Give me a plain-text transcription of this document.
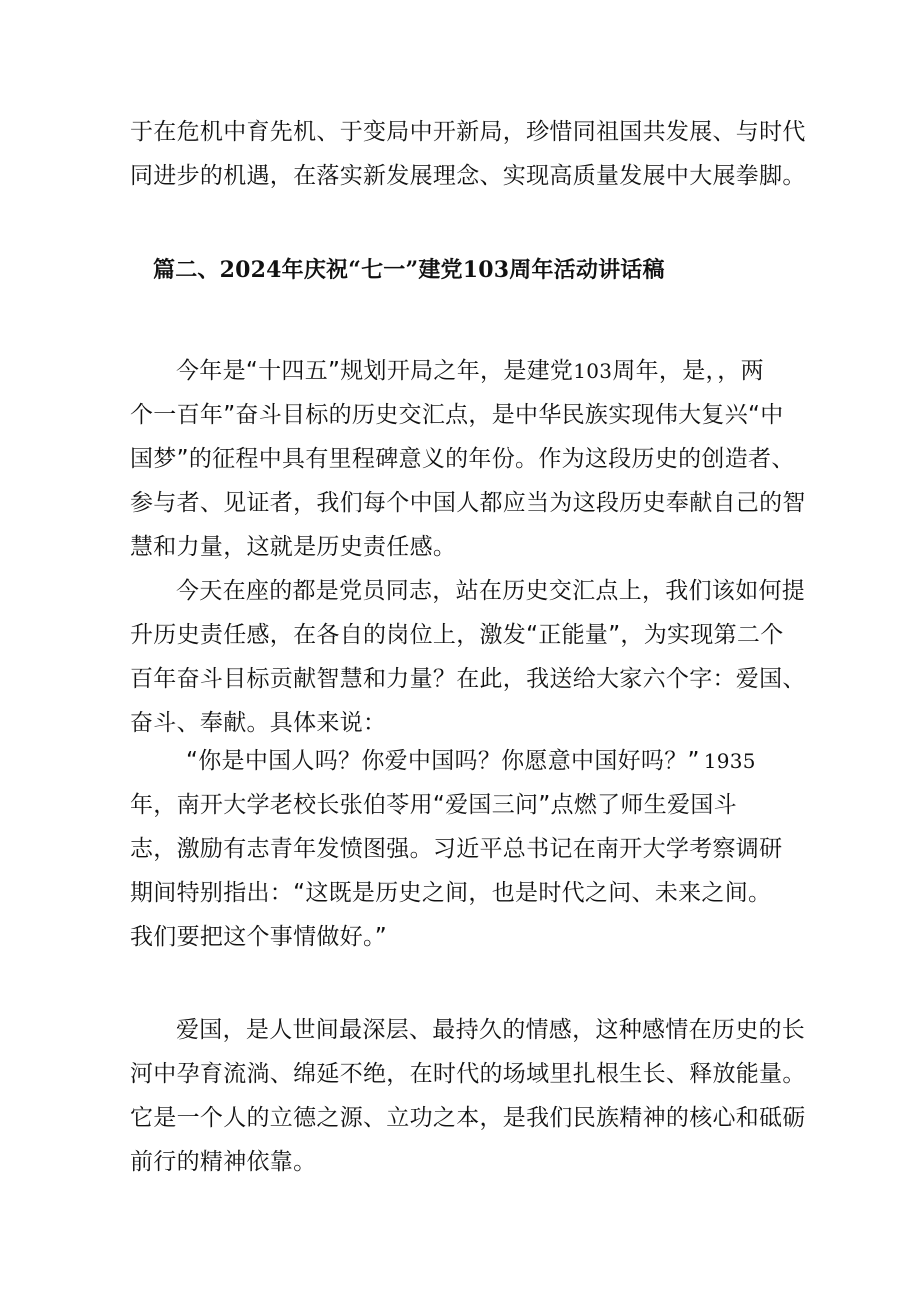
于在危机中育先机、于变局中开新局，珍惜同祖国共发展、与时代
同进步的机遇，在落实新发展理念、实现高质量发展中大展拳脚。
篇二、2024年庆祝“七一”建党103周年活动讲话稿
今年是“十四五”规划开局之年，是建党103周年，是，，两
个一百年”奋斗目标的历史交汇点，是中华民族实现伟大复兴“中
国梦”的征程中具有里程碑意义的年份。作为这段历史的创造者、
参与者、见证者，我们每个中国人都应当为这段历史奉献自己的智
慧和力量，这就是历史责任感。
今天在座的都是党员同志，站在历史交汇点上，我们该如何提
升历史责任感，在各自的岗位上，激发“正能量”，为实现第二个
百年奋斗目标贡献智慧和力量？在此，我送给大家六个字：爱国、
奋斗、奉献。具体来说：
“你是中国人吗？你爱中国吗？你愿意中国好吗？” 1935
年，南开大学老校长张伯苓用“爱国三问”点燃了师生爱国斗
志，激励有志青年发愤图强。习近平总书记在南开大学考察调研
期间特别指出：“这既是历史之间，也是时代之问、未来之间。
我们要把这个事情做好。”
爱国，是人世间最深层、最持久的情感，这种感情在历史的长
河中孕育流淌、绵延不绝，在时代的场域里扎根生长、释放能量。
它是一个人的立德之源、立功之本，是我们民族精神的核心和砥砺
前行的精神依靠。
